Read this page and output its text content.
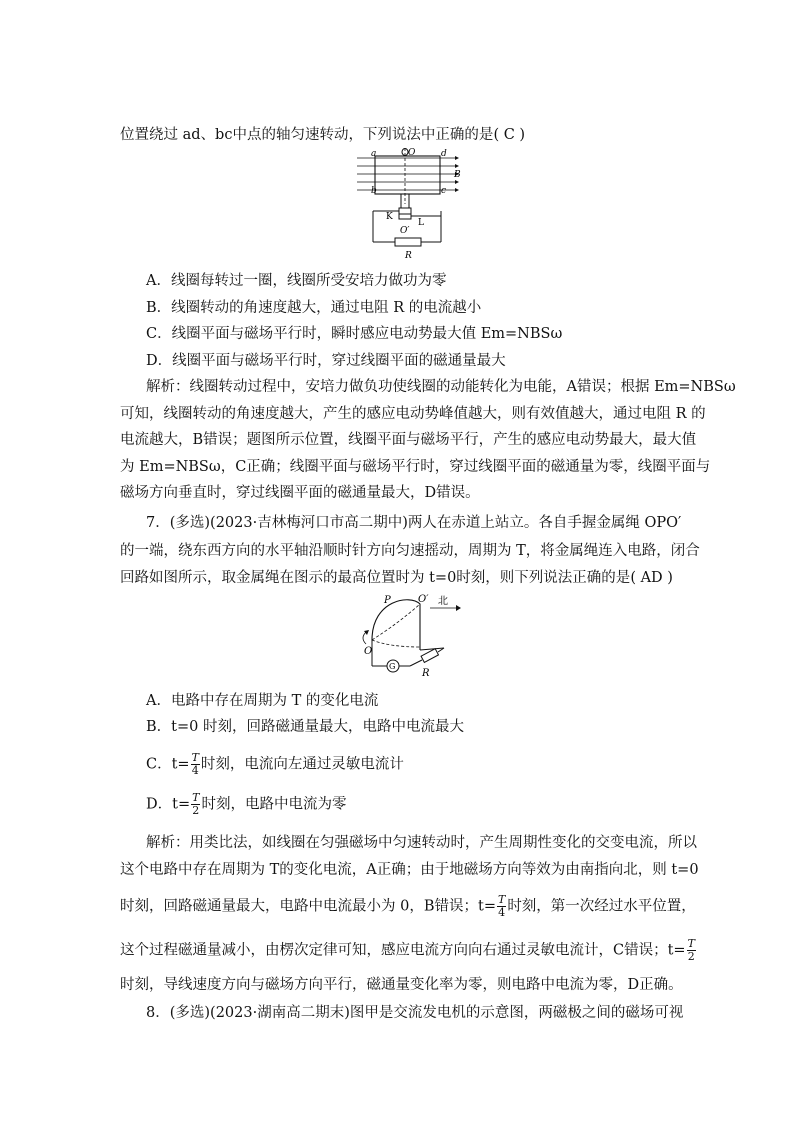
位置绕过 ad、bc中点的轴匀速转动，下列说法中正确的是( C )
O
a	d
b	c
B
K
L
O′
R
A．线圈每转过一圈，线圈所受安培力做功为零
B．线圈转动的角速度越大，通过电阻 R 的电流越小
C．线圈平面与磁场平行时，瞬时感应电动势最大值 Em=NBSω
D．线圈平面与磁场平行时，穿过线圈平面的磁通量最大
解析：线圈转动过程中，安培力做负功使线圈的动能转化为电能，A错误；根据 Em=NBSω
可知，线圈转动的角速度越大，产生的感应电动势峰值越大，则有效值越大，通过电阻 R 的
电流越大，B错误；题图所示位置，线圈平面与磁场平行，产生的感应电动势最大，最大值
为 Em=NBSω，C正确；线圈平面与磁场平行时，穿过线圈平面的磁通量为零，线圈平面与
磁场方向垂直时，穿过线圈平面的磁通量最大，D错误。
7．(多选)(2023·吉林梅河口市高二期中)两人在赤道上站立。各自手握金属绳 OPO′
的一端，绕东西方向的水平轴沿顺时针方向匀速摇动，周期为 T，将金属绳连入电路，闭合
回路如图所示，取金属绳在图示的最高位置时为 t=0时刻，则下列说法正确的是( AD )
P	O′ 北
O
G
R
A．电路中存在周期为 T 的变化电流
B．t=0 时刻，回路磁通量最大，电路中电流最大
C．$t= \frac{T}{4}$ 时刻，电流向左通过灵敏电流计
D．$t= \frac{T}{2}$ 时刻，电路中电流为零
解析：用类比法，如线圈在匀强磁场中匀速转动时，产生周期性变化的交变电流，所以
这个电路中存在周期为 T的变化电流，A正确；由于地磁场方向等效为由南指向北，则 t=0
时刻，回路磁通量最大，电路中电流最小为 0，B错误；$t= \frac{T}{4}$ 时刻，第一次经过水平位置，
这个过程磁通量减小，由楞次定律可知，感应电流方向向右通过灵敏电流计，C错误；$t= \frac{T}{2}$
时刻，导线速度方向与磁场方向平行，磁通量变化率为零，则电路中电流为零，D正确。
8．(多选)(2023·湖南高二期末)图甲是交流发电机的示意图，两磁极之间的磁场可视
